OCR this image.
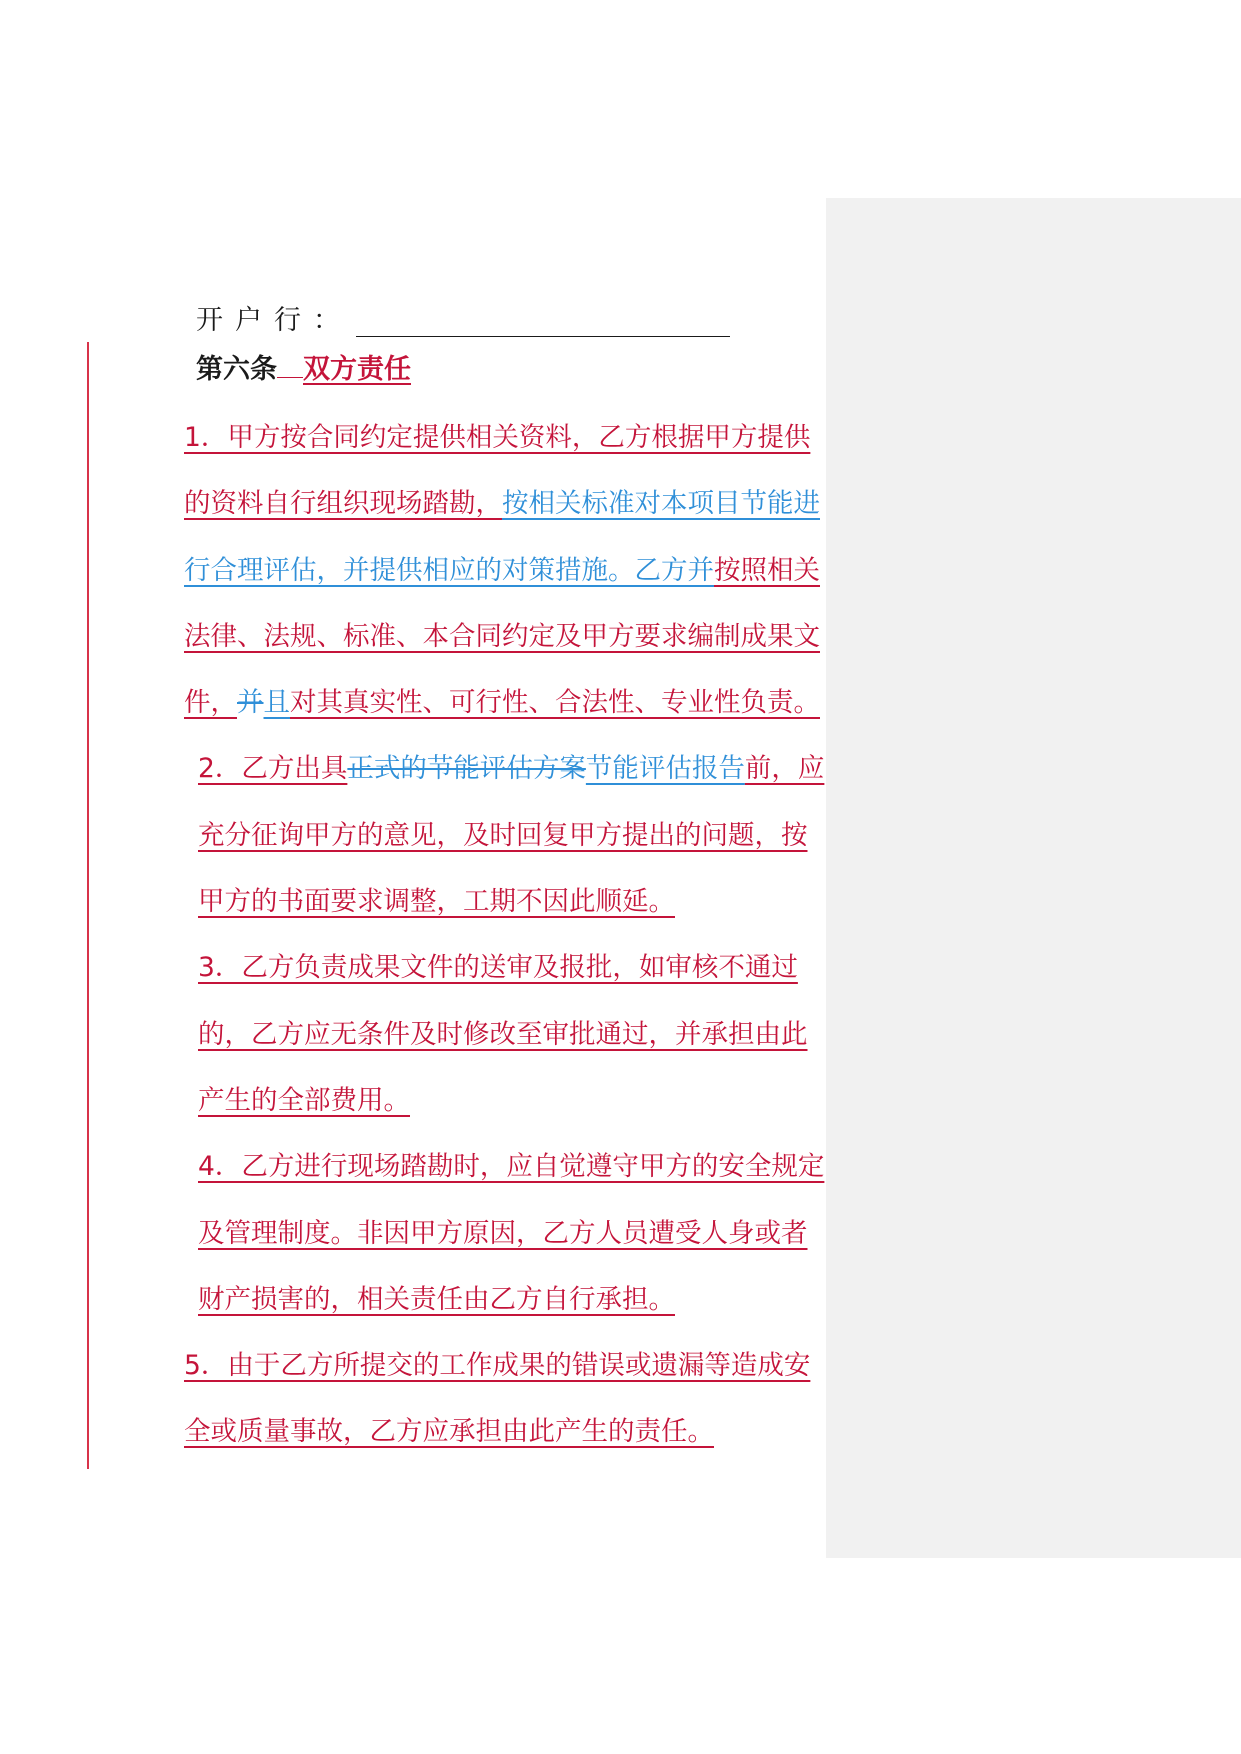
开户行：
第六条 双方责任

1．甲方按合同约定提供相关资料，乙方根据甲方提供的资料自行组织现场踏勘，按相关标准对本项目节能进行合理评估，并提供相应的对策措施。乙方并按照相关法律、法规、标准、本合同约定及甲方要求编制成果文件，并且对其真实性、可行性、合法性、专业性负责。

2．乙方出具正式的节能评估方案节能评估报告前，应充分征询甲方的意见，及时回复甲方提出的问题，按甲方的书面要求调整，工期不因此顺延。

3．乙方负责成果文件的送审及报批，如审核不通过的，乙方应无条件及时修改至审批通过，并承担由此产生的全部费用。

4．乙方进行现场踏勘时，应自觉遵守甲方的安全规定及管理制度。非因甲方原因，乙方人员遭受人身或者财产损害的，相关责任由乙方自行承担。

5．由于乙方所提交的工作成果的错误或遗漏等造成安全或质量事故，乙方应承担由此产生的责任。
